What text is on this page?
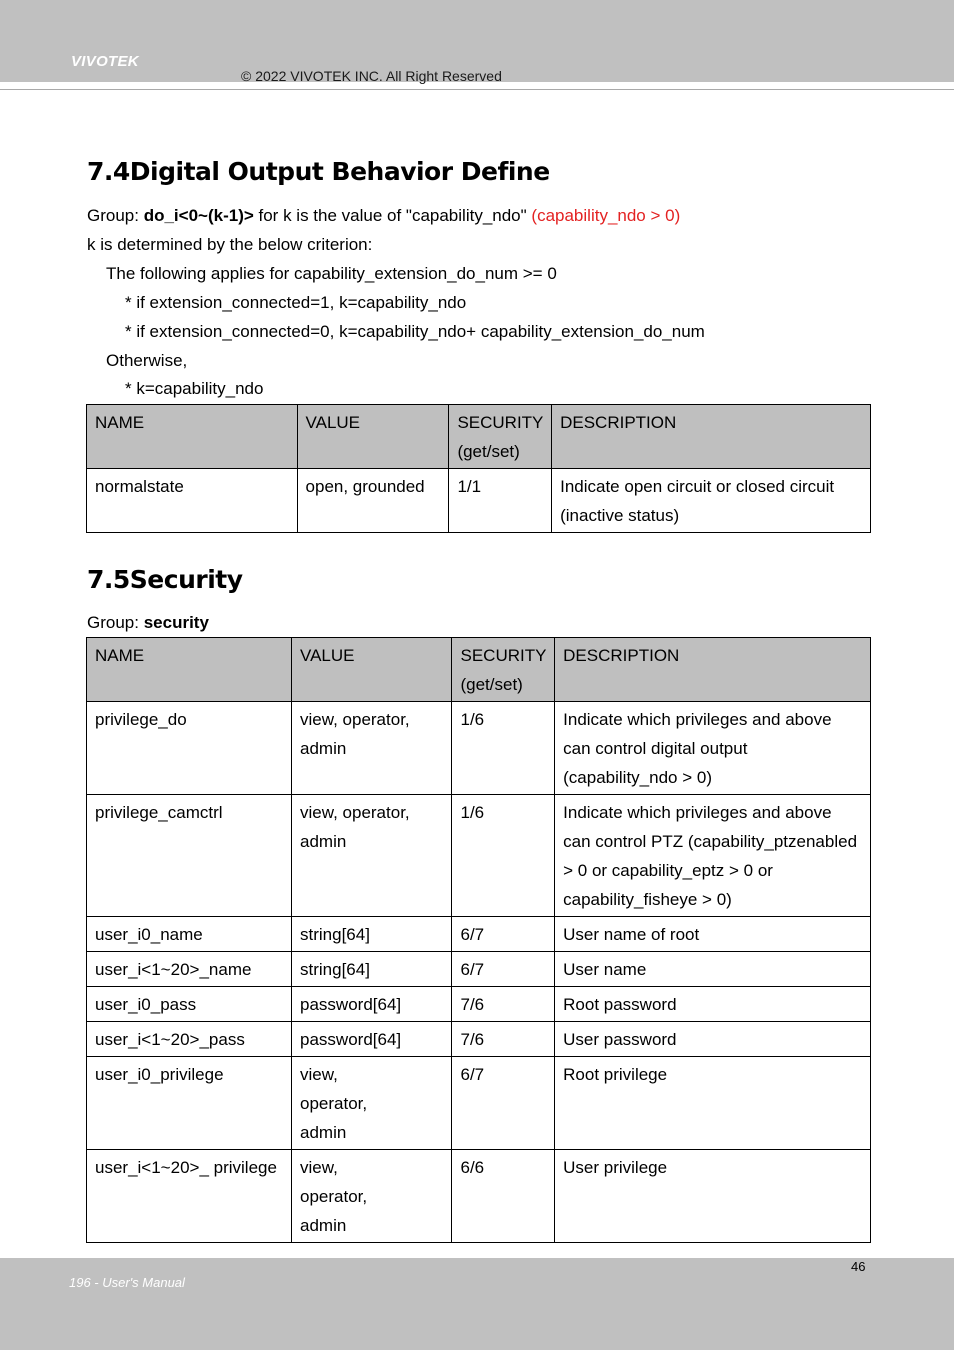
VIVOTEK
© 2022 VIVOTEK INC. All Right Reserved
7.4Digital Output Behavior Define
Group: do_i<0~(k-1)> for k is the value of "capability_ndo" (capability_ndo > 0)
k is determined by the below criterion:
The following applies for capability_extension_do_num >= 0
* if extension_connected=1, k=capability_ndo
* if extension_connected=0, k=capability_ndo+ capability_extension_do_num
Otherwise,
* k=capability_ndo
NAME	VALUE	SECURITY (get/set)	DESCRIPTION
normalstate	open, grounded	1/1	Indicate open circuit or closed circuit (inactive status)
7.5Security
Group: security
NAME	VALUE	SECURITY (get/set)	DESCRIPTION
privilege_do	view, operator, admin	1/6	Indicate which privileges and above can control digital output (capability_ndo > 0)
privilege_camctrl	view, operator, admin	1/6	Indicate which privileges and above can control PTZ (capability_ptzenabled > 0 or capability_eptz > 0 or capability_fisheye > 0)
user_i0_name	string[64]	6/7	User name of root
user_i<1~20>_name	string[64]	6/7	User name
user_i0_pass	password[64]	7/6	Root password
user_i<1~20>_pass	password[64]	7/6	User password
user_i0_privilege	view, operator, admin	6/7	Root privilege
user_i<1~20>_ privilege	view, operator, admin	6/6	User privilege
46
196 - User's Manual
